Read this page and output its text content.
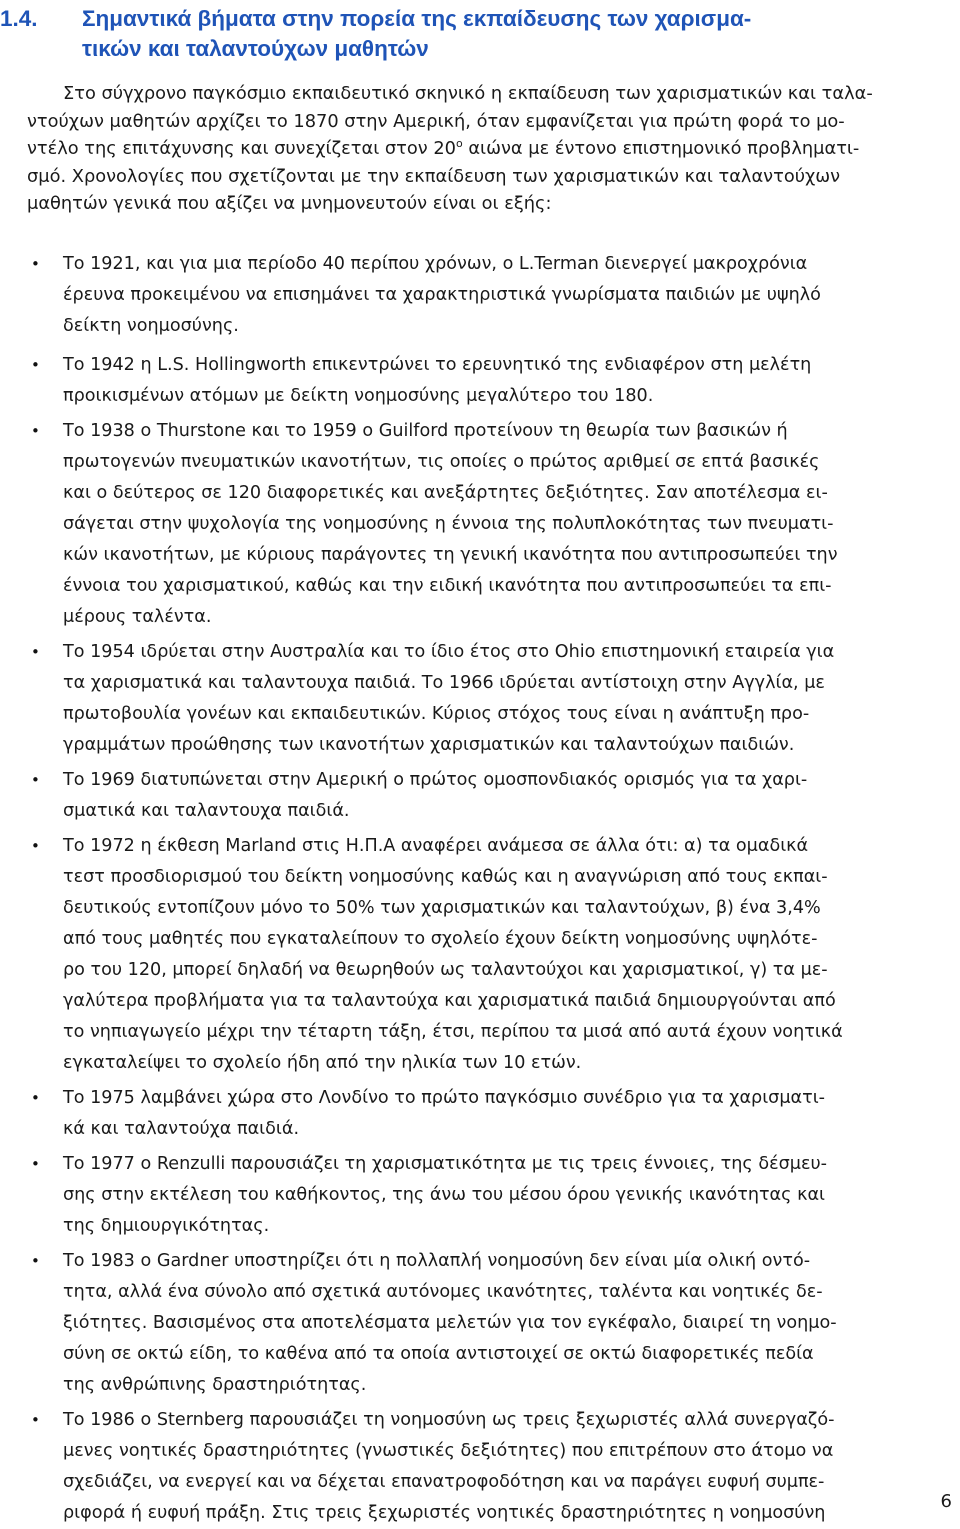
1.4. Σημαντικά βήματα στην πορεία της εκπαίδευσης των χαρισμα-
τικών και ταλαντούχων μαθητών

Στο σύγχρονο παγκόσμιο εκπαιδευτικό σκηνικό η εκπαίδευση των χαρισματικών και ταλα-
ντούχων μαθητών αρχίζει το 1870 στην Αμερική, όταν εμφανίζεται για πρώτη φορά το μο-
ντέλο της επιτάχυνσης και συνεχίζεται στον $20^o$ αιώνα με έντονο επιστημονικό προβληματι-
σμό. Χρονολογίες που σχετίζονται με την εκπαίδευση των χαρισματικών και ταλαντούχων
μαθητών γενικά που αξίζει να μνημονευτούν είναι οι εξής:

• Το 1921, και για μια περίοδο 40 περίπου χρόνων, ο L.Terman διενεργεί μακροχρόνια
έρευνα προκειμένου να επισημάνει τα χαρακτηριστικά γνωρίσματα παιδιών με υψηλό
δείκτη νοημοσύνης.
• Το 1942 η L.S. Hollingworth επικεντρώνει το ερευνητικό της ενδιαφέρον στη μελέτη
προικισμένων ατόμων με δείκτη νοημοσύνης μεγαλύτερο του 180.
• Το 1938 ο Thurstone και το 1959 ο Guilford προτείνουν τη θεωρία των βασικών ή
πρωτογενών πνευματικών ικανοτήτων, τις οποίες ο πρώτος αριθμεί σε επτά βασικές
και ο δεύτερος σε 120 διαφορετικές και ανεξάρτητες δεξιότητες. Σαν αποτέλεσμα ει-
σάγεται στην ψυχολογία της νοημοσύνης η έννοια της πολυπλοκότητας των πνευματι-
κών ικανοτήτων, με κύριους παράγοντες τη γενική ικανότητα που αντιπροσωπεύει την
έννοια του χαρισματικού, καθώς και την ειδική ικανότητα που αντιπροσωπεύει τα επι-
μέρους ταλέντα.
• Το 1954 ιδρύεται στην Αυστραλία και το ίδιο έτος στο Ohio επιστημονική εταιρεία για
τα χαρισματικά και ταλαντουχα παιδιά. Το 1966 ιδρύεται αντίστοιχη στην Αγγλία, με
πρωτοβουλία γονέων και εκπαιδευτικών. Κύριος στόχος τους είναι η ανάπτυξη προ-
γραμμάτων προώθησης των ικανοτήτων χαρισματικών και ταλαντούχων παιδιών.
• Το 1969 διατυπώνεται στην Αμερική ο πρώτος ομοσπονδιακός ορισμός για τα χαρι-
σματικά και ταλαντουχα παιδιά.
• Το 1972 η έκθεση Marland στις Η.Π.Α αναφέρει ανάμεσα σε άλλα ότι: α) τα ομαδικά
τεστ προσδιορισμού του δείκτη νοημοσύνης καθώς και η αναγνώριση από τους εκπαι-
δευτικούς εντοπίζουν μόνο το 50% των χαρισματικών και ταλαντούχων, β) ένα 3,4%
από τους μαθητές που εγκαταλείπουν το σχολείο έχουν δείκτη νοημοσύνης υψηλότε-
ρο του 120, μπορεί δηλαδή να θεωρηθούν ως ταλαντούχοι και χαρισματικοί, γ) τα με-
γαλύτερα προβλήματα για τα ταλαντούχα και χαρισματικά παιδιά δημιουργούνται από
το νηπιαγωγείο μέχρι την τέταρτη τάξη, έτσι, περίπου τα μισά από αυτά έχουν νοητικά
εγκαταλείψει το σχολείο ήδη από την ηλικία των 10 ετών.
• Το 1975 λαμβάνει χώρα στο Λονδίνο το πρώτο παγκόσμιο συνέδριο για τα χαρισματι-
κά και ταλαντούχα παιδιά.
• Το 1977 ο Renzulli παρουσιάζει τη χαρισματικότητα με τις τρεις έννοιες, της δέσμευ-
σης στην εκτέλεση του καθήκοντος, της άνω του μέσου όρου γενικής ικανότητας και
της δημιουργικότητας.
• Το 1983 ο Gardner υποστηρίζει ότι η πολλαπλή νοημοσύνη δεν είναι μία ολική οντό-
τητα, αλλά ένα σύνολο από σχετικά αυτόνομες ικανότητες, ταλέντα και νοητικές δε-
ξιότητες. Βασισμένος στα αποτελέσματα μελετών για τον εγκέφαλο, διαιρεί τη νοημο-
σύνη σε οκτώ είδη, το καθένα από τα οποία αντιστοιχεί σε οκτώ διαφορετικές πεδία
της ανθρώπινης δραστηριότητας.
• Το 1986 ο Sternberg παρουσιάζει τη νοημοσύνη ως τρεις ξεχωριστές αλλά συνεργαζό-
μενες νοητικές δραστηριότητες (γνωστικές δεξιότητες) που επιτρέπουν στο άτομο να
σχεδιάζει, να ενεργεί και να δέχεται επανατροφοδότηση και να παράγει ευφυή συμπε-
ριφορά ή ευφυή πράξη. Στις τρεις ξεχωριστές νοητικές δραστηριότητες η νοημοσύνη
6
